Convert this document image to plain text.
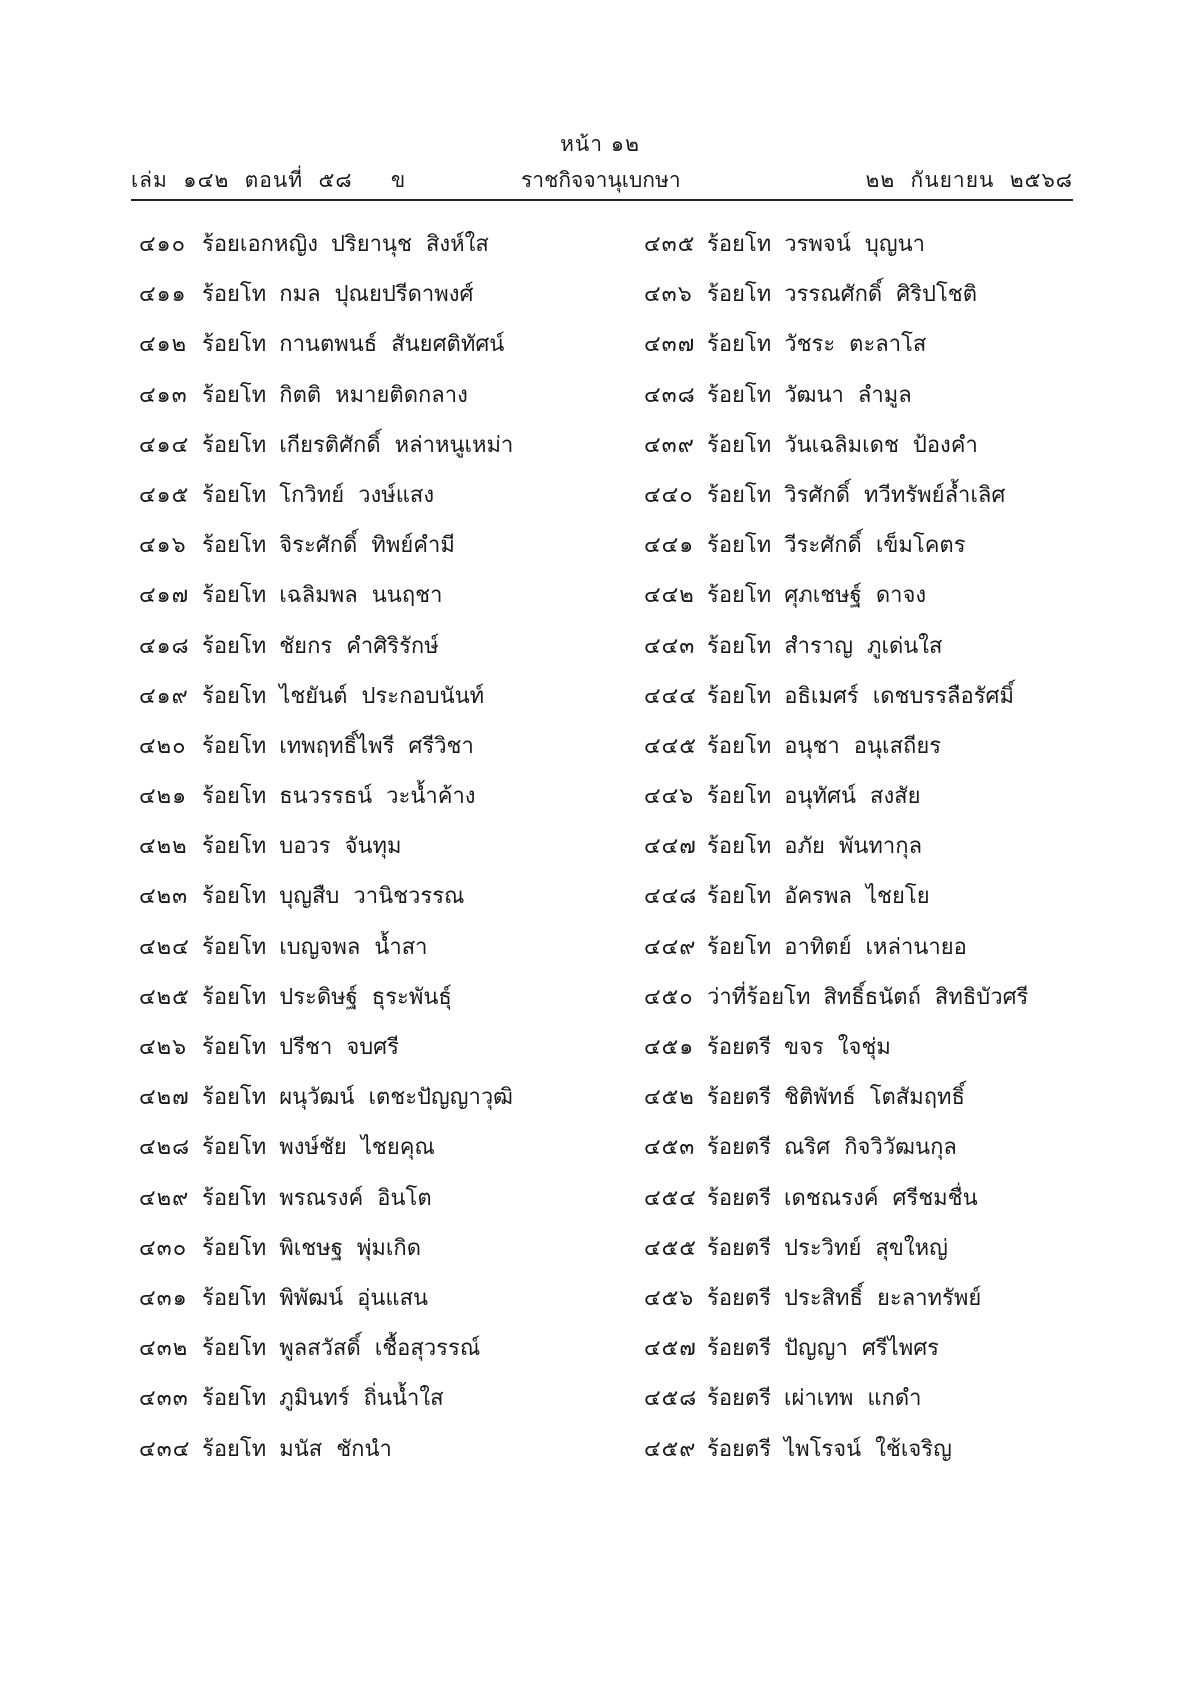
หน้า ๑๒
เล่ม  ๑๔๒  ตอนที่  ๕๘     ข	ราชกิจจานุเบกษา	๒๒  กันยายน  ๒๕๖๘
๔๑๐ ร้อยเอกหญิง ปริยานุช สิงห์ใส
๔๑๑ ร้อยโท กมล ปุณยปรีดาพงศ์
๔๑๒ ร้อยโท กานตพนธ์ สันยศติทัศน์
๔๑๓ ร้อยโท กิตติ หมายติดกลาง
๔๑๔ ร้อยโท เกียรติศักดิ์ หล่าหนูเหม่า
๔๑๕ ร้อยโท โกวิทย์ วงษ์แสง
๔๑๖ ร้อยโท จิระศักดิ์ ทิพย์คำมี
๔๑๗ ร้อยโท เฉลิมพล นนฤชา
๔๑๘ ร้อยโท ชัยกร คำศิริรักษ์
๔๑๙ ร้อยโท ไชยันต์ ประกอบนันท์
๔๒๐ ร้อยโท เทพฤทธิ์ไพรี ศรีวิชา
๔๒๑ ร้อยโท ธนวรรธน์ วะน้ำค้าง
๔๒๒ ร้อยโท บอวร จันทุม
๔๒๓ ร้อยโท บุญสืบ วานิชวรรณ
๔๒๔ ร้อยโท เบญจพล น้ำสา
๔๒๕ ร้อยโท ประดิษฐ์ ธุระพันธุ์
๔๒๖ ร้อยโท ปรีชา จบศรี
๔๒๗ ร้อยโท ผนุวัฒน์ เตชะปัญญาวุฒิ
๔๒๘ ร้อยโท พงษ์ชัย ไชยคุณ
๔๒๙ ร้อยโท พรณรงค์ อินโต
๔๓๐ ร้อยโท พิเชษฐ พุ่มเกิด
๔๓๑ ร้อยโท พิพัฒน์ อุ่นแสน
๔๓๒ ร้อยโท พูลสวัสดิ์ เชื้อสุวรรณ์
๔๓๓ ร้อยโท ภูมินทร์ ถิ่นน้ำใส
๔๓๔ ร้อยโท มนัส ชักนำ
๔๓๕ ร้อยโท วรพจน์ บุญนา
๔๓๖ ร้อยโท วรรณศักดิ์ ศิริปโชติ
๔๓๗ ร้อยโท วัชระ ตะลาโส
๔๓๘ ร้อยโท วัฒนา ลำมูล
๔๓๙ ร้อยโท วันเฉลิมเดช ป้องคำ
๔๔๐ ร้อยโท วิรศักดิ์ ทวีทรัพย์ล้ำเลิศ
๔๔๑ ร้อยโท วีระศักดิ์ เข็มโคตร
๔๔๒ ร้อยโท ศุภเชษฐ์ ดาจง
๔๔๓ ร้อยโท สำราญ ภูเด่นใส
๔๔๔ ร้อยโท อธิเมศร์ เดชบรรลือรัศมิ์
๔๔๕ ร้อยโท อนุชา อนุเสถียร
๔๔๖ ร้อยโท อนุทัศน์ สงสัย
๔๔๗ ร้อยโท อภัย พันทากุล
๔๔๘ ร้อยโท อัครพล ไชยโย
๔๔๙ ร้อยโท อาทิตย์ เหล่านายอ
๔๕๐ ว่าที่ร้อยโท สิทธิ์ธนัตถ์ สิทธิบัวศรี
๔๕๑ ร้อยตรี ขจร ใจชุ่ม
๔๕๒ ร้อยตรี ชิติพัทธ์ โตสัมฤทธิ์
๔๕๓ ร้อยตรี ณริศ กิจวิวัฒนกุล
๔๕๔ ร้อยตรี เดชณรงค์ ศรีชมชื่น
๔๕๕ ร้อยตรี ประวิทย์ สุขใหญ่
๔๕๖ ร้อยตรี ประสิทธิ์ ยะลาทรัพย์
๔๕๗ ร้อยตรี ปัญญา ศรีไพศร
๔๕๘ ร้อยตรี เผ่าเทพ แกดำ
๔๕๙ ร้อยตรี ไพโรจน์ ใช้เจริญ
